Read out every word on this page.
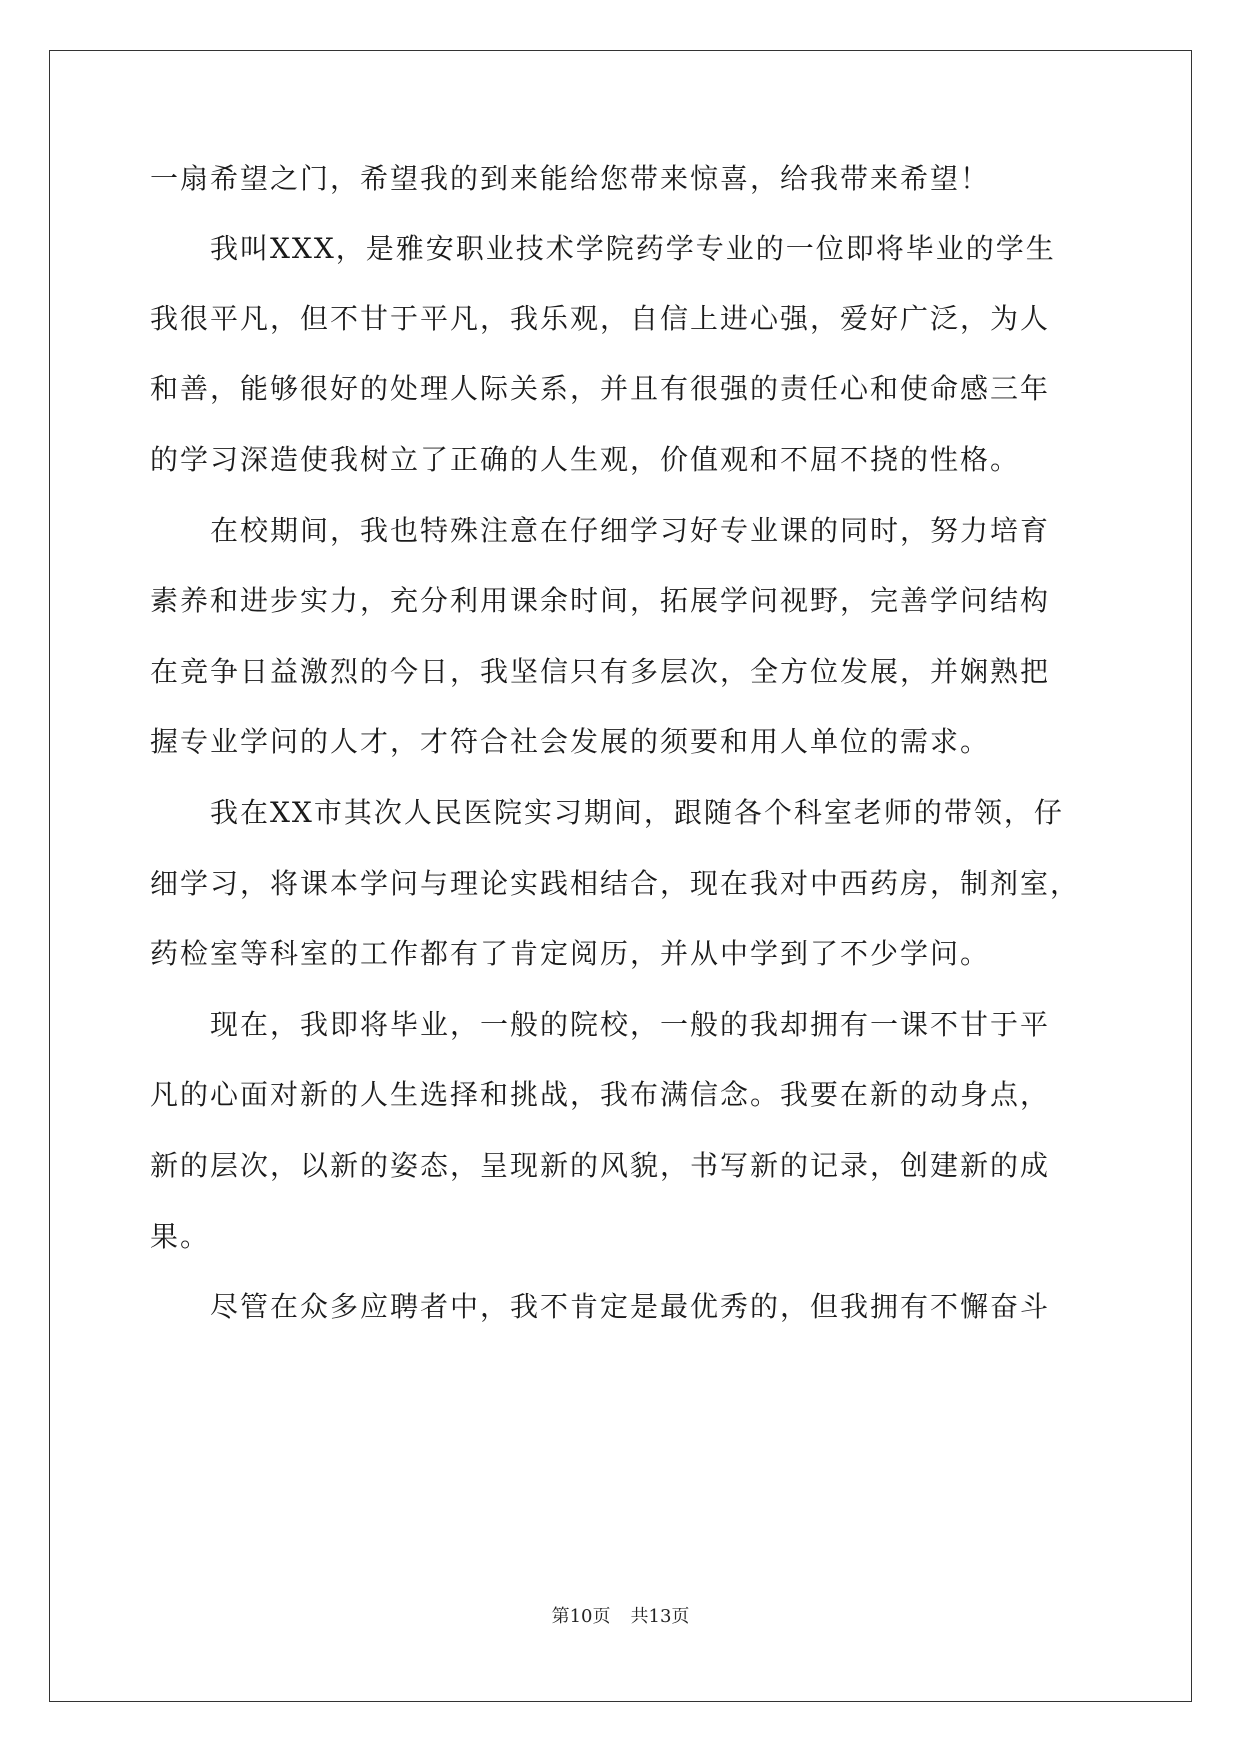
一扇希望之门，希望我的到来能给您带来惊喜，给我带来希望！
　　我叫XXX，是雅安职业技术学院药学专业的一位即将毕业的学生
我很平凡，但不甘于平凡，我乐观，自信上进心强，爱好广泛，为人
和善，能够很好的处理人际关系，并且有很强的责任心和使命感三年
的学习深造使我树立了正确的人生观，价值观和不屈不挠的性格。
　　在校期间，我也特殊注意在仔细学习好专业课的同时，努力培育
素养和进步实力，充分利用课余时间，拓展学问视野，完善学问结构
在竞争日益激烈的今日，我坚信只有多层次，全方位发展，并娴熟把
握专业学问的人才，才符合社会发展的须要和用人单位的需求。
　　我在XX市其次人民医院实习期间，跟随各个科室老师的带领，仔
细学习，将课本学问与理论实践相结合，现在我对中西药房，制剂室，
药检室等科室的工作都有了肯定阅历，并从中学到了不少学问。
　　现在，我即将毕业，一般的院校，一般的我却拥有一课不甘于平
凡的心面对新的人生选择和挑战，我布满信念。我要在新的动身点，
新的层次，以新的姿态，呈现新的风貌，书写新的记录，创建新的成
果。
　　尽管在众多应聘者中，我不肯定是最优秀的，但我拥有不懈奋斗
第10页 共13页
